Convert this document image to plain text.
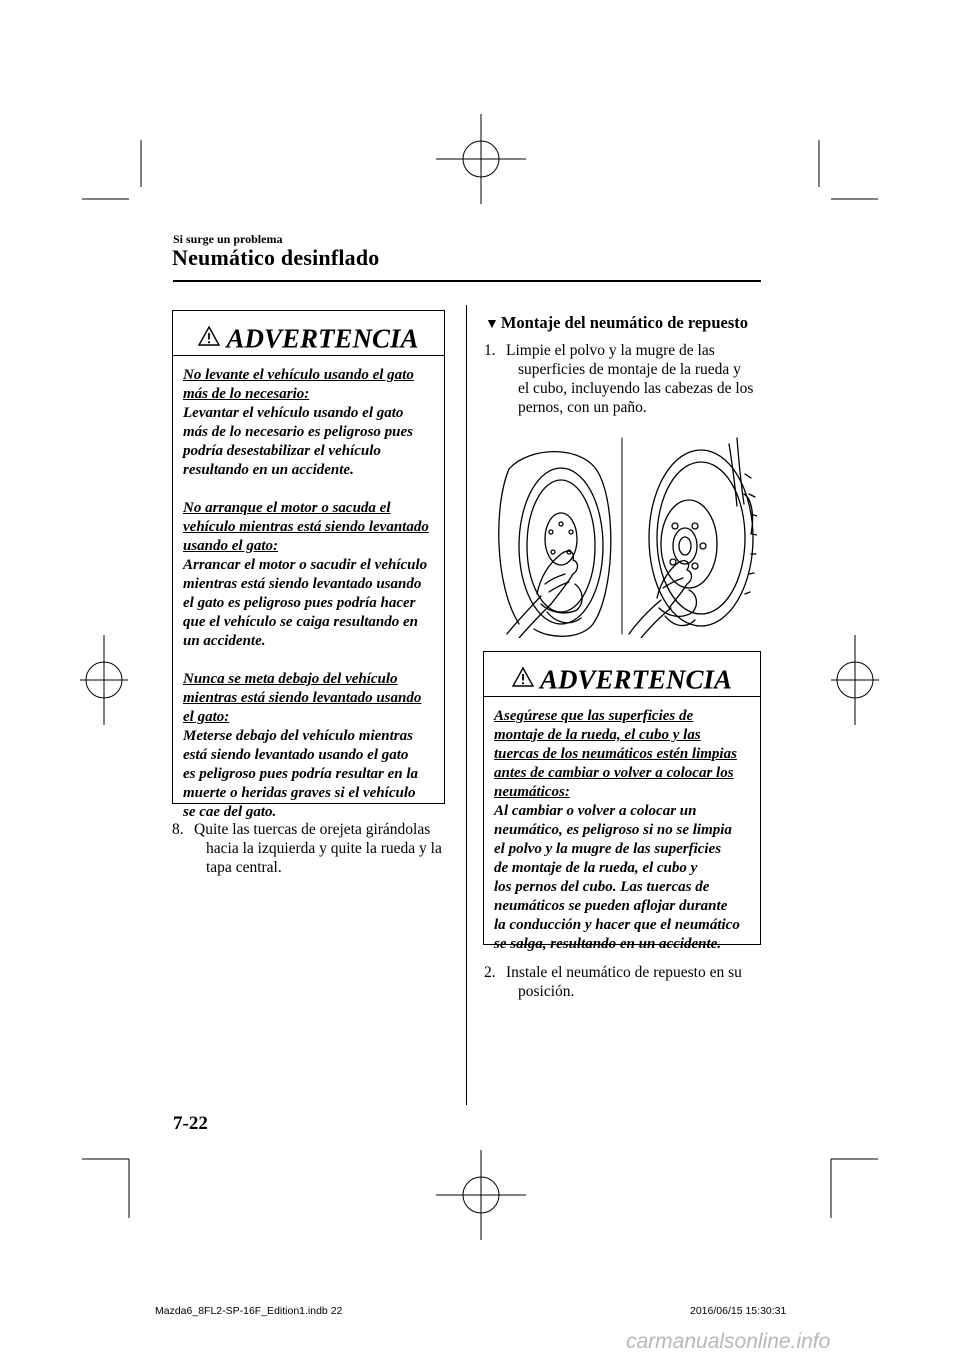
Si surge un problema
Neumático desinflado
ADVERTENCIA
No levante el vehículo usando el gato
más de lo necesario:
Levantar el vehículo usando el gato
más de lo necesario es peligroso pues
podría desestabilizar el vehículo
resultando en un accidente.
No arranque el motor o sacuda el
vehículo mientras está siendo levantado
usando el gato:
Arrancar el motor o sacudir el vehículo
mientras está siendo levantado usando
el gato es peligroso pues podría hacer
que el vehículo se caiga resultando en
un accidente.
Nunca se meta debajo del vehículo
mientras está siendo levantado usando
el gato:
Meterse debajo del vehículo mientras
está siendo levantado usando el gato
es peligroso pues podría resultar en la
muerte o heridas graves si el vehículo
se cae del gato.
8. Quite las tuercas de orejeta girándolas
hacia la izquierda y quite la rueda y la
tapa central.
▼ Montaje del neumático de repuesto
1. Limpie el polvo y la mugre de las
superficies de montaje de la rueda y
el cubo, incluyendo las cabezas de los
pernos, con un paño.
ADVERTENCIA
Asegúrese que las superficies de
montaje de la rueda, el cubo y las
tuercas de los neumáticos estén limpias
antes de cambiar o volver a colocar los
neumáticos:
Al cambiar o volver a colocar un
neumático, es peligroso si no se limpia
el polvo y la mugre de las superficies
de montaje de la rueda, el cubo y
los pernos del cubo. Las tuercas de
neumáticos se pueden aflojar durante
la conducción y hacer que el neumático
se salga, resultando en un accidente.
2. Instale el neumático de repuesto en su
posición.
7-22
Mazda6_8FL2-SP-16F_Edition1.indb 22	2016/06/15 15:30:31
carmanualsonline.info
